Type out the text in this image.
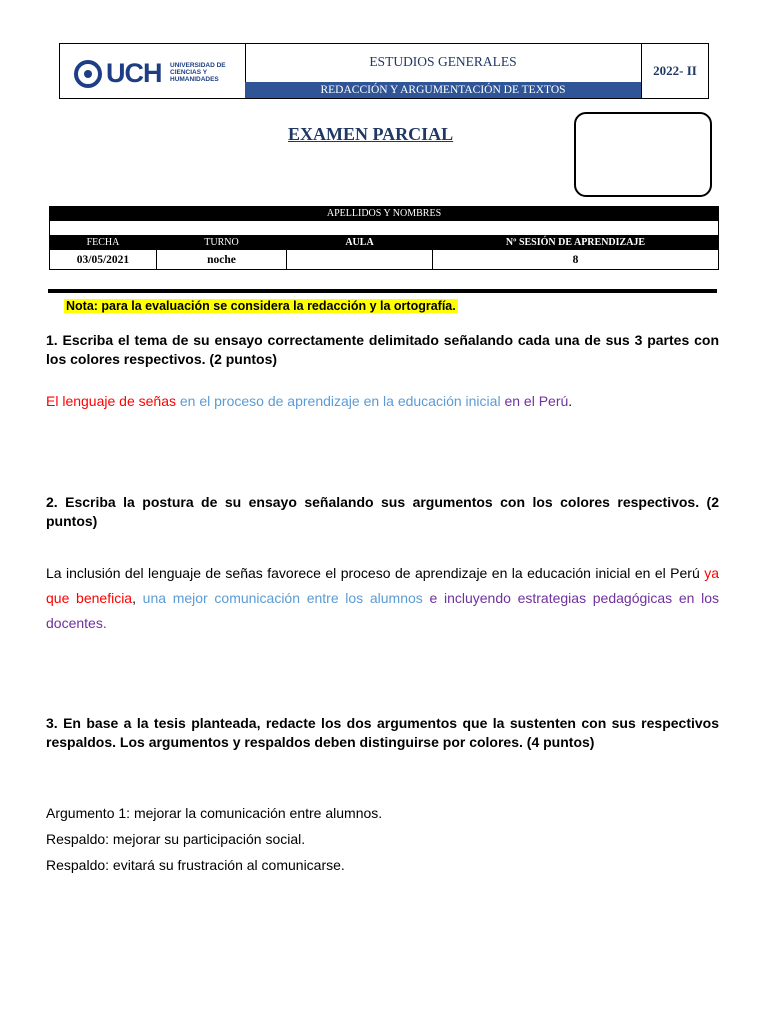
UCH UNIVERSIDAD DE
CIENCIAS Y
HUMANIDADES
ESTUDIOS GENERALES
REDACCIÓN Y ARGUMENTACIÓN DE TEXTOS
2022- II
EXAMEN PARCIAL
APELLIDOS Y NOMBRES			

FECHA	TURNO	AULA	Nº SESIÓN DE APRENDIZAJE
03/05/2021	noche		8
Nota: para la evaluación se considera la redacción y la ortografía.
1. Escriba el tema de su ensayo correctamente delimitado señalando cada una de sus 3 partes con los colores respectivos. (2 puntos)
El lenguaje de señas en el proceso de aprendizaje en la educación inicial en el Perú.
2. Escriba la postura de su ensayo señalando sus argumentos con los colores respectivos. (2 puntos)
La inclusión del lenguaje de señas favorece el proceso de aprendizaje en la educación inicial en el Perú ya que beneficia, una mejor comunicación entre los alumnos e incluyendo estrategias pedagógicas en los docentes.
3. En base a la tesis planteada, redacte los dos argumentos que la sustenten con sus respectivos respaldos. Los argumentos y respaldos deben distinguirse por colores. (4 puntos)
Argumento 1: mejorar la comunicación entre alumnos.
Respaldo: mejorar su participación social.
Respaldo: evitará su frustración al comunicarse.
